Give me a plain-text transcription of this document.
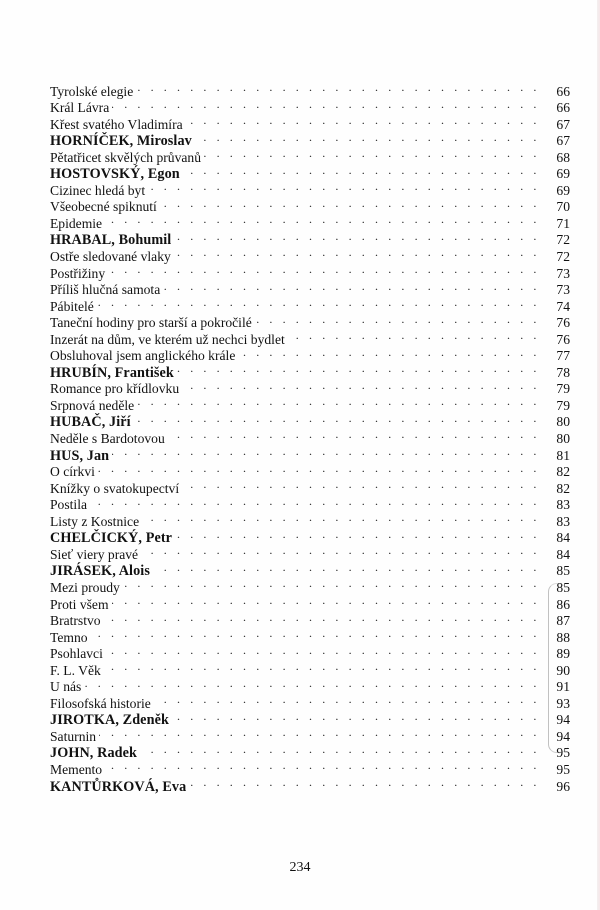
Tyrolské elegie . . .	66
Král Lávra . . .	66
Křest svatého Vladimíra . . .	67
HORNÍČEK, Miroslav . . .	67
Pětatřicet skvělých průvanů . . .	68
HOSTOVSKÝ, Egon . . .	69
Cizinec hledá byt . . .	69
Všeobecné spiknutí . . .	70
Epidemie . . .	71
HRABAL, Bohumil . . .	72
Ostře sledované vlaky . . .	72
Postřižiny . . .	73
Příliš hlučná samota . . .	73
Pábitelé . . .	74
Taneční hodiny pro starší a pokročilé . . .	76
Inzerát na dům, ve kterém už nechci bydlet . . .	76
Obsluhoval jsem anglického krále . . .	77
HRUBÍN, František . . .	78
Romance pro křídlovku . . .	79
Srpnová neděle . . .	79
HUBAČ, Jiří . . .	80
Neděle s Bardotovou . . .	80
HUS, Jan . . .	81
O církvi . . .	82
Knížky o svatokupectví . . .	82
Postila . . .	83
Listy z Kostnice . . .	83
CHELČICKÝ, Petr . . .	84
Sieť viery pravé . . .	84
JIRÁSEK, Alois . . .	85
Mezi proudy . . .	85
Proti všem . . .	86
Bratrstvo . . .	87
Temno . . .	88
Psohlavci . . .	89
F. L. Věk . . .	90
U nás . . .	91
Filosofská historie . . .	93
JIROTKA, Zdeněk . . .	94
Saturnin . . .	94
JOHN, Radek . . .	95
Memento . . .	95
KANTŮRKOVÁ, Eva . . .	96
234
